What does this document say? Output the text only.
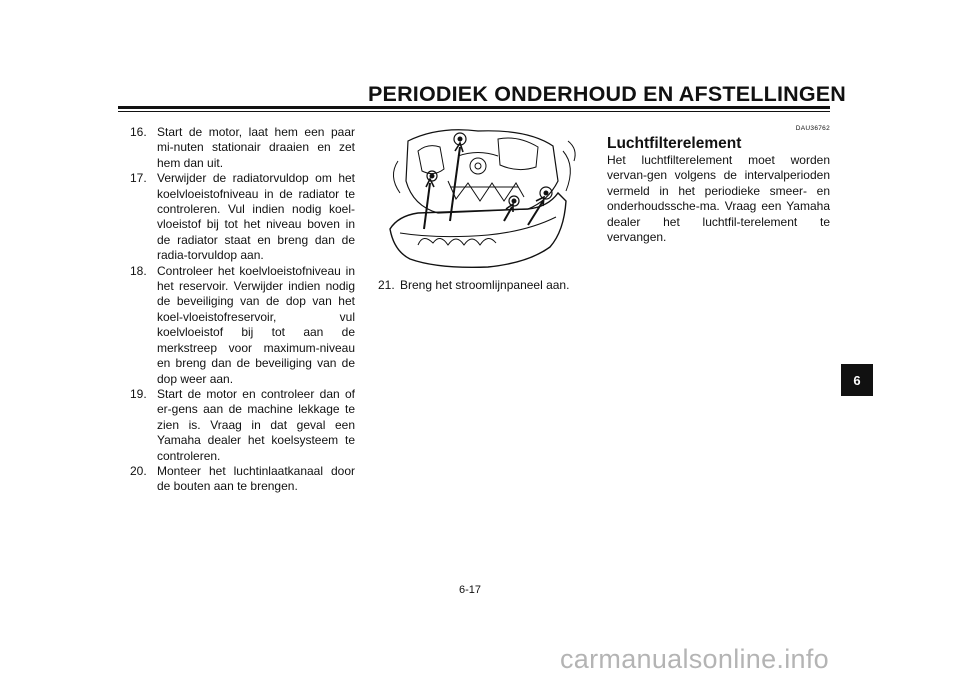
PERIODIEK ONDERHOUD EN AFSTELLINGEN
16. Start de motor, laat hem een paar mi-nuten stationair draaien en zet hem dan uit.
17. Verwijder de radiatorvuldop om het koelvloeistofniveau in de radiator te controleren. Vul indien nodig koel-vloeistof bij tot het niveau boven in de radiator staat en breng dan de radia-torvuldop aan.
18. Controleer het koelvloeistofniveau in het reservoir. Verwijder indien nodig de beveiliging van de dop van het koel-vloeistofreservoir, vul koelvloeistof bij tot aan de merkstreep voor maximum-niveau en breng dan de beveiliging van de dop weer aan.
19. Start de motor en controleer dan of er-gens aan de machine lekkage te zien is. Vraag in dat geval een Yamaha dealer het koelsysteem te controleren.
20. Monteer het luchtinlaatkanaal door de bouten aan te brengen.
21. Breng het stroomlijnpaneel aan.
DAU36762
Luchtfilterelement
Het luchtfilterelement moet worden vervan-gen volgens de intervalperioden vermeld in het periodieke smeer- en onderhoudssche-ma. Vraag een Yamaha dealer het luchtfil-terelement te vervangen.
6
6-17
carmanualsonline.info
